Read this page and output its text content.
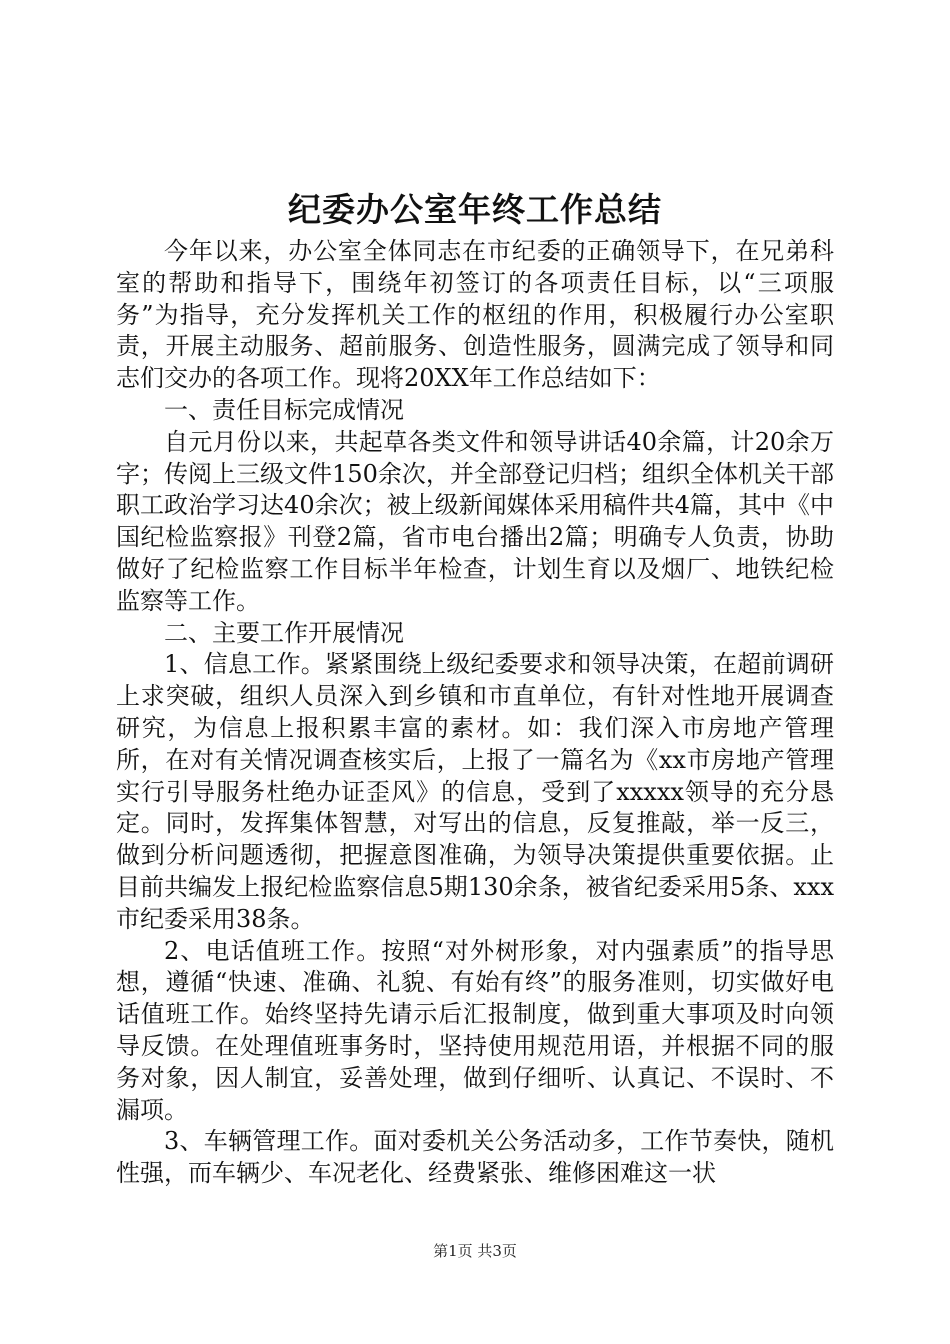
纪委办公室年终工作总结

今年以来，办公室全体同志在市纪委的正确领导下，在兄弟科室的帮助和指导下，围绕年初签订的各项责任目标，以“三项服务”为指导，充分发挥机关工作的枢纽的作用，积极履行办公室职责，开展主动服务、超前服务、创造性服务，圆满完成了领导和同志们交办的各项工作。现将20XX年工作总结如下：

一、责任目标完成情况

自元月份以来，共起草各类文件和领导讲话40余篇，计20余万字；传阅上三级文件150余次，并全部登记归档；组织全体机关干部职工政治学习达40余次；被上级新闻媒体采用稿件共4篇，其中《中国纪检监察报》刊登2篇，省市电台播出2篇；明确专人负责，协助做好了纪检监察工作目标半年检查，计划生育以及烟厂、地铁纪检监察等工作。

二、主要工作开展情况

1、信息工作。紧紧围绕上级纪委要求和领导决策，在超前调研上求突破，组织人员深入到乡镇和市直单位，有针对性地开展调查研究，为信息上报积累丰富的素材。如：我们深入市房地产管理所，在对有关情况调查核实后，上报了一篇名为《xx市房地产管理实行引导服务杜绝办证歪风》的信息，受到了xxxxx领导的充分恳定。同时，发挥集体智慧，对写出的信息，反复推敲，举一反三，做到分析问题透彻，把握意图准确，为领导决策提供重要依据。止目前共编发上报纪检监察信息5期130余条，被省纪委采用5条、xxx市纪委采用38条。

2、电话值班工作。按照“对外树形象，对内强素质”的指导思想，遵循“快速、准确、礼貌、有始有终”的服务准则，切实做好电话值班工作。始终坚持先请示后汇报制度，做到重大事项及时向领导反馈。在处理值班事务时，坚持使用规范用语，并根据不同的服务对象，因人制宜，妥善处理，做到仔细听、认真记、不误时、不漏项。

3、车辆管理工作。面对委机关公务活动多，工作节奏快，随机性强，而车辆少、车况老化、经费紧张、维修困难这一状

第1页 共3页
